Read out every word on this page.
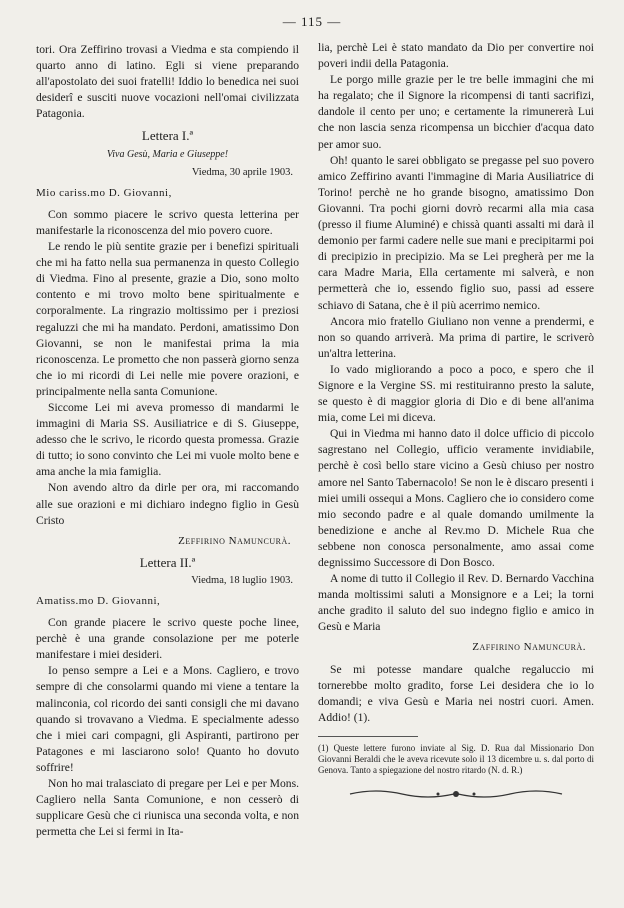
— 115 —

tori. Ora Zeffirino trovasi a Viedma e sta compiendo il quarto anno di latino. Egli si viene preparando all'apostolato dei suoi fratelli! Iddio lo benedica nei suoi desiderî e susciti nuove vocazioni nell'omai civilizzata Patagonia.

Lettera I.ª
Viva Gesù, Maria e Giuseppe!
Viedma, 30 aprile 1903.
Mio cariss.mo D. Giovanni,

Con sommo piacere le scrivo questa letterina per manifestarle la riconoscenza del mio povero cuore.

Le rendo le più sentite grazie per i benefizi spirituali che mi ha fatto nella sua permanenza in questo Collegio di Viedma. Fino al presente, grazie a Dio, sono molto contento e mi trovo molto bene spiritualmente e corporalmente. La ringrazio moltissimo per i preziosi regaluzzi che mi ha mandato. Perdoni, amatissimo Don Giovanni, se non le manifestai prima la mia riconoscenza. Le prometto che non passerà giorno senza che io mi ricordi di Lei nelle mie povere orazioni, e principalmente nella santa Comunione.

Siccome Lei mi aveva promesso di mandarmi le immagini di Maria SS. Ausiliatrice e di S. Giuseppe, adesso che le scrivo, le ricordo questa promessa. Grazie di tutto; io sono convinto che Lei mi vuole molto bene e ama anche la mia famiglia.

Non avendo altro da dirle per ora, mi raccomando alle sue orazioni e mi dichiaro indegno figlio in Gesù Cristo

Zeffirino Namuncurà.
Lettera II.ª
Viedma, 18 luglio 1903.
Amatiss.mo D. Giovanni,

Con grande piacere le scrivo queste poche linee, perchè è una grande consolazione per me poterle manifestare i miei desideri.

Io penso sempre a Lei e a Mons. Cagliero, e trovo sempre di che consolarmi quando mi viene a tentare la malinconia, col ricordo dei santi consigli che mi davano quando si trovavano a Viedma. E specialmente adesso che i miei cari compagni, gli Aspiranti, partirono per Patagones e mi lasciarono solo! Quanto ho dovuto soffrire!

Non ho mai tralasciato di pregare per Lei e per Mons. Cagliero nella Santa Comunione, e non cesserò di supplicare Gesù che ci riunisca una seconda volta, e non permetta che Lei si fermi in Ita-

lia, perchè Lei è stato mandato da Dio per convertire noi poveri indii della Patagonia.

Le porgo mille grazie per le tre belle immagini che mi ha regalato; che il Signore la ricompensi di tanti sacrifizi, dandole il cento per uno; e certamente la rimunererà Lui che non lascia senza ricompensa un bicchier d'acqua dato per amor suo.

Oh! quanto le sarei obbligato se pregasse pel suo povero amico Zeffirino avanti l'immagine di Maria Ausiliatrice di Torino! perchè ne ho grande bisogno, amatissimo Don Giovanni. Tra pochi giorni dovrò recarmi alla mia casa (presso il fiume Aluminé) e chissà quanti assalti mi darà il demonio per farmi cadere nelle sue mani e precipitarmi poi di precipizio in precipizio. Ma se Lei pregherà per me la cara Madre Maria, Ella certamente mi salverà, e non permetterà che io, essendo figlio suo, passi ad essere schiavo di Satana, che è il più acerrimo nemico.

Ancora mio fratello Giuliano non venne a prendermi, e non so quando arriverà. Ma prima di partire, le scriverò un'altra letterina.

Io vado migliorando a poco a poco, e spero che il Signore e la Vergine SS. mi restituiranno presto la salute, se questo è di maggior gloria di Dio e di bene all'anima mia, come Lei mi diceva.

Qui in Viedma mi hanno dato il dolce ufficio di piccolo sagrestano nel Collegio, ufficio veramente invidiabile, perchè è così bello stare vicino a Gesù chiuso per nostro amore nel Santo Tabernacolo! Se non le è discaro presenti i miei umili ossequi a Mons. Cagliero che io considero come mio secondo padre e al quale domando umilmente la benedizione e anche al Rev.mo D. Michele Rua che sebbene non conosca personalmente, amo assai come degnissimo Successore di Don Bosco.

A nome di tutto il Collegio il Rev. D. Bernardo Vacchina manda moltissimi saluti a Monsignore e a Lei; la torni anche gradito il saluto del suo indegno figlio e amico in Gesù e Maria

Zaffirino Namuncurà.

Se mi potesse mandare qualche regaluccio mi tornerebbe molto gradito, forse Lei desidera che io lo domandi; e viva Gesù e Maria nei nostri cuori. Amen. Addio! (1).

(1) Queste lettere furono inviate al Sig. D. Rua dal Missionario Don Giovanni Beraldi che le aveva ricevute solo il 13 dicembre u. s. dal porto di Genova. Tanto a spiegazione del nostro ritardo (N. d. R.)
